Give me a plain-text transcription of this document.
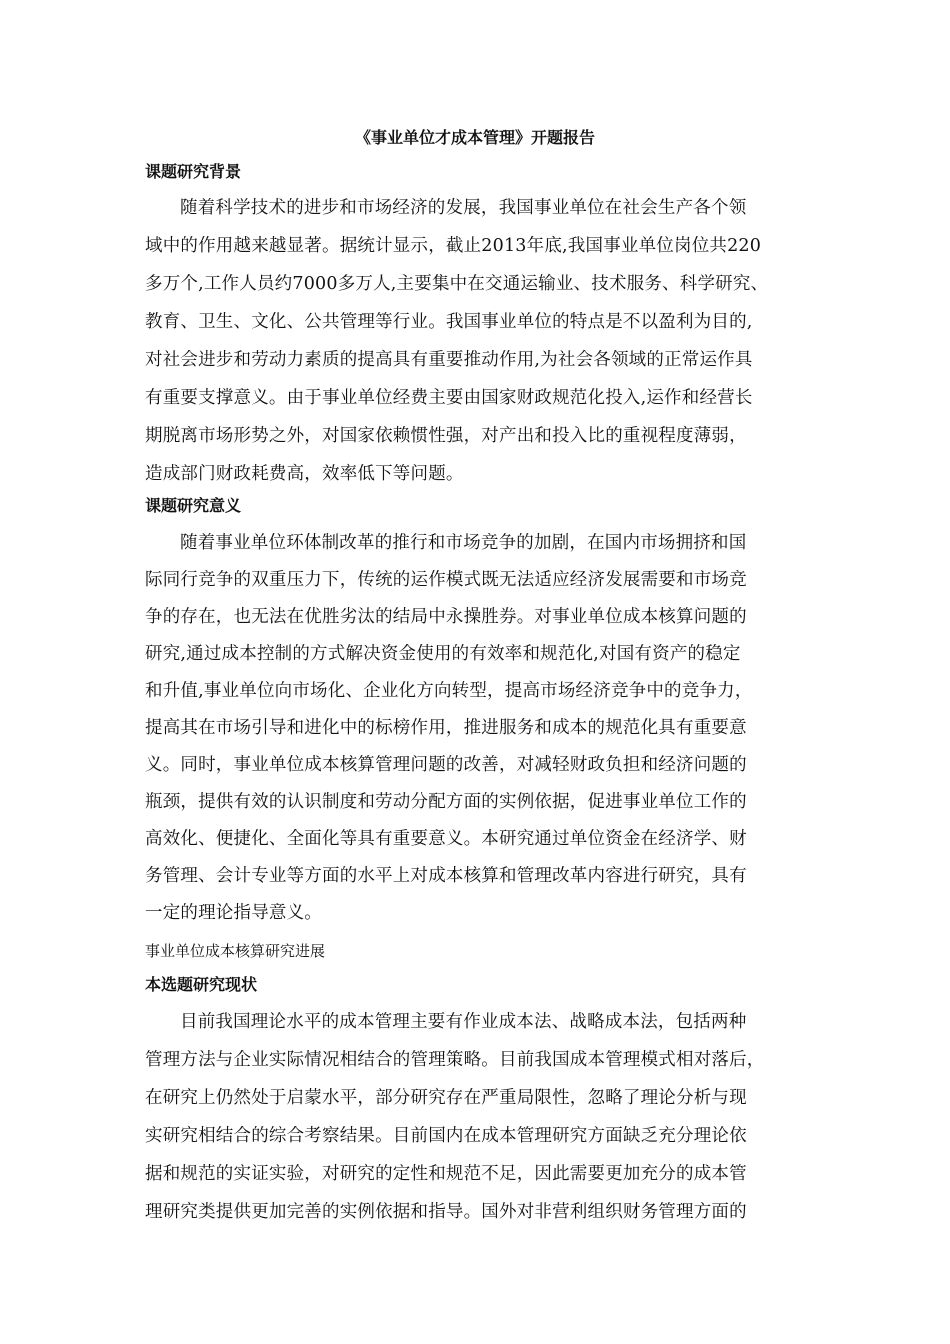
《事业单位才成本管理》开题报告
课题研究背景
随着科学技术的进步和市场经济的发展，我国事业单位在社会生产各个领
域中的作用越来越显著。据统计显示，截止2013年底,我国事业单位岗位共220
多万个,工作人员约7000多万人,主要集中在交通运输业、技术服务、科学研究、
教育、卫生、文化、公共管理等行业。我国事业单位的特点是不以盈利为目的,
对社会进步和劳动力素质的提高具有重要推动作用,为社会各领域的正常运作具
有重要支撑意义。由于事业单位经费主要由国家财政规范化投入,运作和经营长
期脱离市场形势之外，对国家依赖惯性强，对产出和投入比的重视程度薄弱，
造成部门财政耗费高，效率低下等问题。
课题研究意义
随着事业单位环体制改革的推行和市场竞争的加剧，在国内市场拥挤和国
际同行竞争的双重压力下，传统的运作模式既无法适应经济发展需要和市场竞
争的存在，也无法在优胜劣汰的结局中永操胜券。对事业单位成本核算问题的
研究,通过成本控制的方式解决资金使用的有效率和规范化,对国有资产的稳定
和升值,事业单位向市场化、企业化方向转型，提高市场经济竞争中的竞争力，
提高其在市场引导和进化中的标榜作用，推进服务和成本的规范化具有重要意
义。同时，事业单位成本核算管理问题的改善，对减轻财政负担和经济问题的
瓶颈，提供有效的认识制度和劳动分配方面的实例依据，促进事业单位工作的
高效化、便捷化、全面化等具有重要意义。本研究通过单位资金在经济学、财
务管理、会计专业等方面的水平上对成本核算和管理改革内容进行研究，具有
一定的理论指导意义。
事业单位成本核算研究进展
本选题研究现状
目前我国理论水平的成本管理主要有作业成本法、战略成本法，包括两种
管理方法与企业实际情况相结合的管理策略。目前我国成本管理模式相对落后，
在研究上仍然处于启蒙水平，部分研究存在严重局限性，忽略了理论分析与现
实研究相结合的综合考察结果。目前国内在成本管理研究方面缺乏充分理论依
据和规范的实证实验，对研究的定性和规范不足，因此需要更加充分的成本管
理研究类提供更加完善的实例依据和指导。国外对非营利组织财务管理方面的
